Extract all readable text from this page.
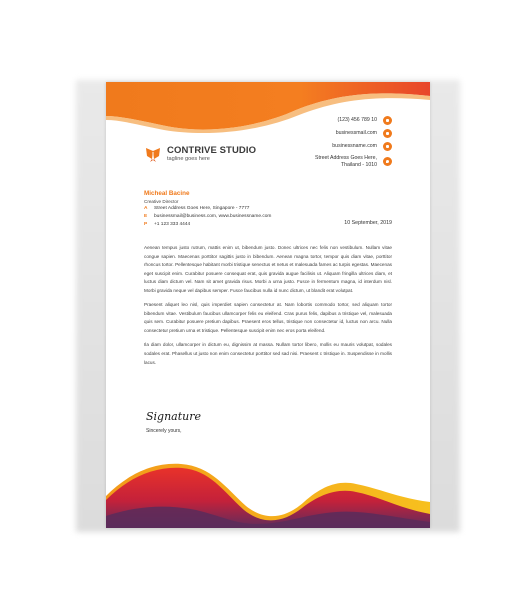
CONTRIVE STUDIO
tagline goes here
(123) 456 789 10
businessmail.com
businessname.com
Street Address Goes Here,
Thailand - 1010
Micheal Bacine
Creative Director
A	Street Address Goes Here, Singapore - 7777
E	businessmail@business.com, www.businessname.com
P	+1 123 333 4444	10 September, 2019

Aenean tempus justo rutrum, mattis enim ut, bibendum justo. Donec ultrices nec felis non vestibulum. Nullam vitae congue sapien. Maecenas porttitor sagittis justo in bibendum. Aenean magna tortor, tempor quis diam vitae, porttitor rhoncus tortor. Pellentesque habitant morbi tristique senectus et netus et malesuada fames ac turpis egestas. Maecenas eget suscipit enim. Curabitur posuere consequat erat, quis gravida augue facilisis ut. Aliquam fringilla ultrices diam, et luctus diam dictum vel. Nam sit amet gravida risus. Morbi a urna justo. Fusce in fermentum magna, id interdum nisl. Morbi gravida neque vel dapibus semper. Fusce faucibus nulla id nunc dictum, ut blandit erat volutpat.

Praesent aliquet leo nisl, quis imperdiet sapien consectetur at. Nam lobortis commodo tortor, sed aliquam tortor bibendum vitae. Vestibulum faucibus ullamcorper felis eu eleifend. Cras purus felis, dapibus a tristique vel, malesuada quis sem. Curabitur posuere pretium dapibus. Praesent eros tellus, tristique non consectetur id, luctus non arcu. Nulla consectetur pretium urna et tristique. Pellentesque suscipit enim nec eros porta eleifend.

Ila diam dolor, ullamcorper in dictum eu, dignissim at massa. Nullam tortor libero, mollis eu mauris volutpat, sodales sodales erat. Phasellus ut justo non enim consectetur porttitor sed sad nisi. Praesent c tristique in. Suspendisse in mollis lacus.

Signature
Sincerely yours,
